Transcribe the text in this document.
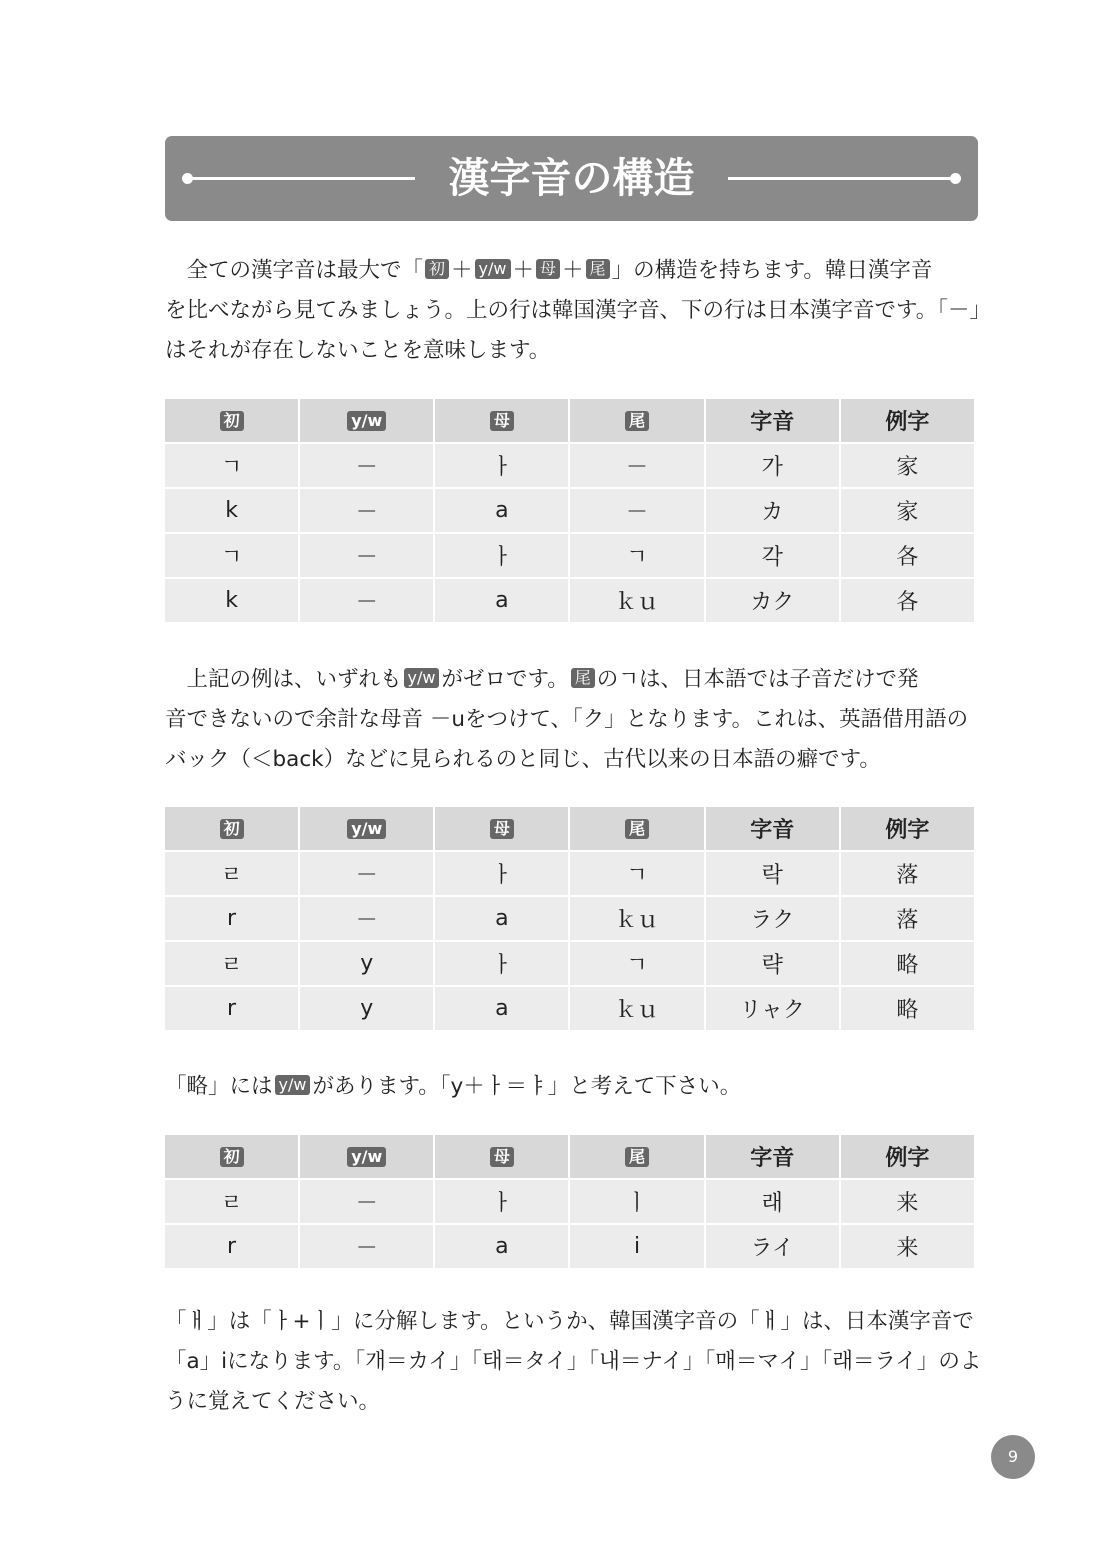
漢字音の構造
　全ての漢字音は最大で「 初 ＋ y/w ＋ 母 ＋ 尾 」の構造を持ちます。韓日漢字音
を比べながら見てみましょう。上の行は韓国漢字音、下の行は日本漢字音です。「－」
はそれが存在しないことを意味します。
初	y/w	母	尾	字音	例字
ㄱ	－	ㅏ	－	가	家
k	－	a	－	カ	家
ㄱ	－	ㅏ	ㄱ	각	各
k	－	a	ｋｕ	カク	各
　上記の例は、いずれも y/w がゼロです。 尾 のㄱは、日本語では子音だけで発
音できないので余計な母音 －uをつけて、「ク」となります。これは、英語借用語の
バック（＜back）などに見られるのと同じ、古代以来の日本語の癖です。
初	y/w	母	尾	字音	例字
ㄹ	－	ㅏ	ㄱ	락	落
r	－	a	ｋｕ	ラク	落
ㄹ	y	ㅏ	ㄱ	략	略
r	y	a	ｋｕ	リャク	略
「略」には y/w があります。「y＋ㅏ＝ㅑ」と考えて下さい。
初	y/w	母	尾	字音	例字
ㄹ	－	ㅏ	ㅣ	래	来
r	－	a	i	ライ	来
「ㅐ」は「ㅏ+ㅣ」に分解します。というか、韓国漢字音の「ㅐ」は、日本漢字音で
「a」iになります。「개＝カイ」「태＝タイ」「내＝ナイ」「매＝マイ」「래＝ライ」のよ
うに覚えてください。
9
